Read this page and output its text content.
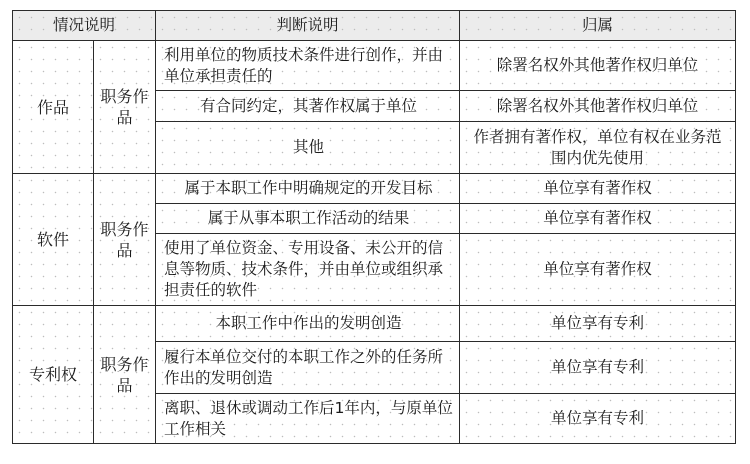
情况说明		判断说明	归属
作品	职务作品	利用单位的物质技术条件进行创作，并由单位承担责任的	除署名权外其他著作权归单位
		有合同约定，其著作权属于单位	除署名权外其他著作权归单位
		其他	作者拥有著作权，单位有权在业务范围内优先使用
软件	职务作品	属于本职工作中明确规定的开发目标	单位享有著作权
		属于从事本职工作活动的结果	单位享有著作权
		使用了单位资金、专用设备、未公开的信息等物质、技术条件，并由单位或组织承担责任的软件	单位享有著作权
专利权	职务作品	本职工作中作出的发明创造	单位享有专利
		履行本单位交付的本职工作之外的任务所作出的发明创造	单位享有专利
		离职、退休或调动工作后1年内，与原单位工作相关	单位享有专利
